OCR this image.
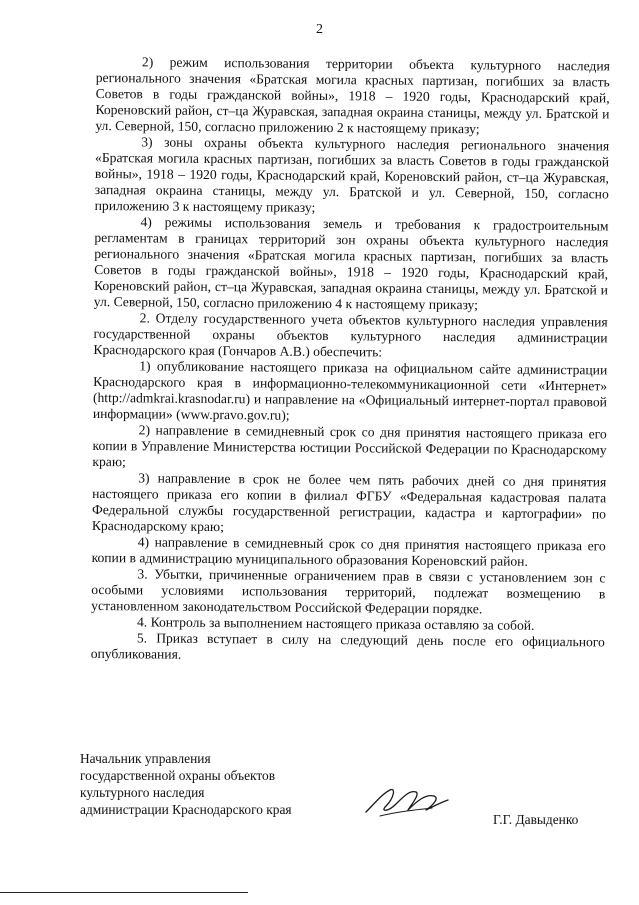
2

2) режим использования территории объекта культурного наследия регионального значения «Братская могила красных партизан, погибших за власть Советов в годы гражданской войны», 1918 – 1920 годы, Краснодарский край, Кореновский район, ст–ца Журавская, западная окраина станицы, между ул. Братской и ул. Северной, 150, согласно приложению 2 к настоящему приказу;

3) зоны охраны объекта культурного наследия регионального значения «Братская могила красных партизан, погибших за власть Советов в годы гражданской войны», 1918 – 1920 годы, Краснодарский край, Кореновский район, ст–ца Журавская, западная окраина станицы, между ул. Братской и ул. Северной, 150, согласно приложению 3 к настоящему приказу;

4) режимы использования земель и требования к градостроительным регламентам в границах территорий зон охраны объекта культурного наследия регионального значения «Братская могила красных партизан, погибших за власть Советов в годы гражданской войны», 1918 – 1920 годы, Краснодарский край, Кореновский район, ст–ца Журавская, западная окраина станицы, между ул. Братской и ул. Северной, 150, согласно приложению 4 к настоящему приказу;

2. Отделу государственного учета объектов культурного наследия управления государственной охраны объектов культурного наследия администрации Краснодарского края (Гончаров А.В.) обеспечить:

1) опубликование настоящего приказа на официальном сайте администрации Краснодарского края в информационно-телекоммуникационной сети «Интернет» (http://admkrai.krasnodar.ru) и направление на «Официальный интернет-портал правовой информации» (www.pravo.gov.ru);

2) направление в семидневный срок со дня принятия настоящего приказа его копии в Управление Министерства юстиции Российской Федерации по Краснодарскому краю;

3) направление в срок не более чем пять рабочих дней со дня принятия настоящего приказа его копии в филиал ФГБУ «Федеральная кадастровая палата Федеральной службы государственной регистрации, кадастра и картографии» по Краснодарскому краю;

4) направление в семидневный срок со дня принятия настоящего приказа его копии в администрацию муниципального образования Кореновский район.

3. Убытки, причиненные ограничением прав в связи с установлением зон с особыми условиями использования территорий, подлежат возмещению в установленном законодательством Российской Федерации порядке.

4. Контроль за выполнением настоящего приказа оставляю за собой.

5. Приказ вступает в силу на следующий день после его официального опубликования.

Начальник управления
государственной охраны объектов
культурного наследия
администрации Краснодарского края
Г.Г. Давыденко
